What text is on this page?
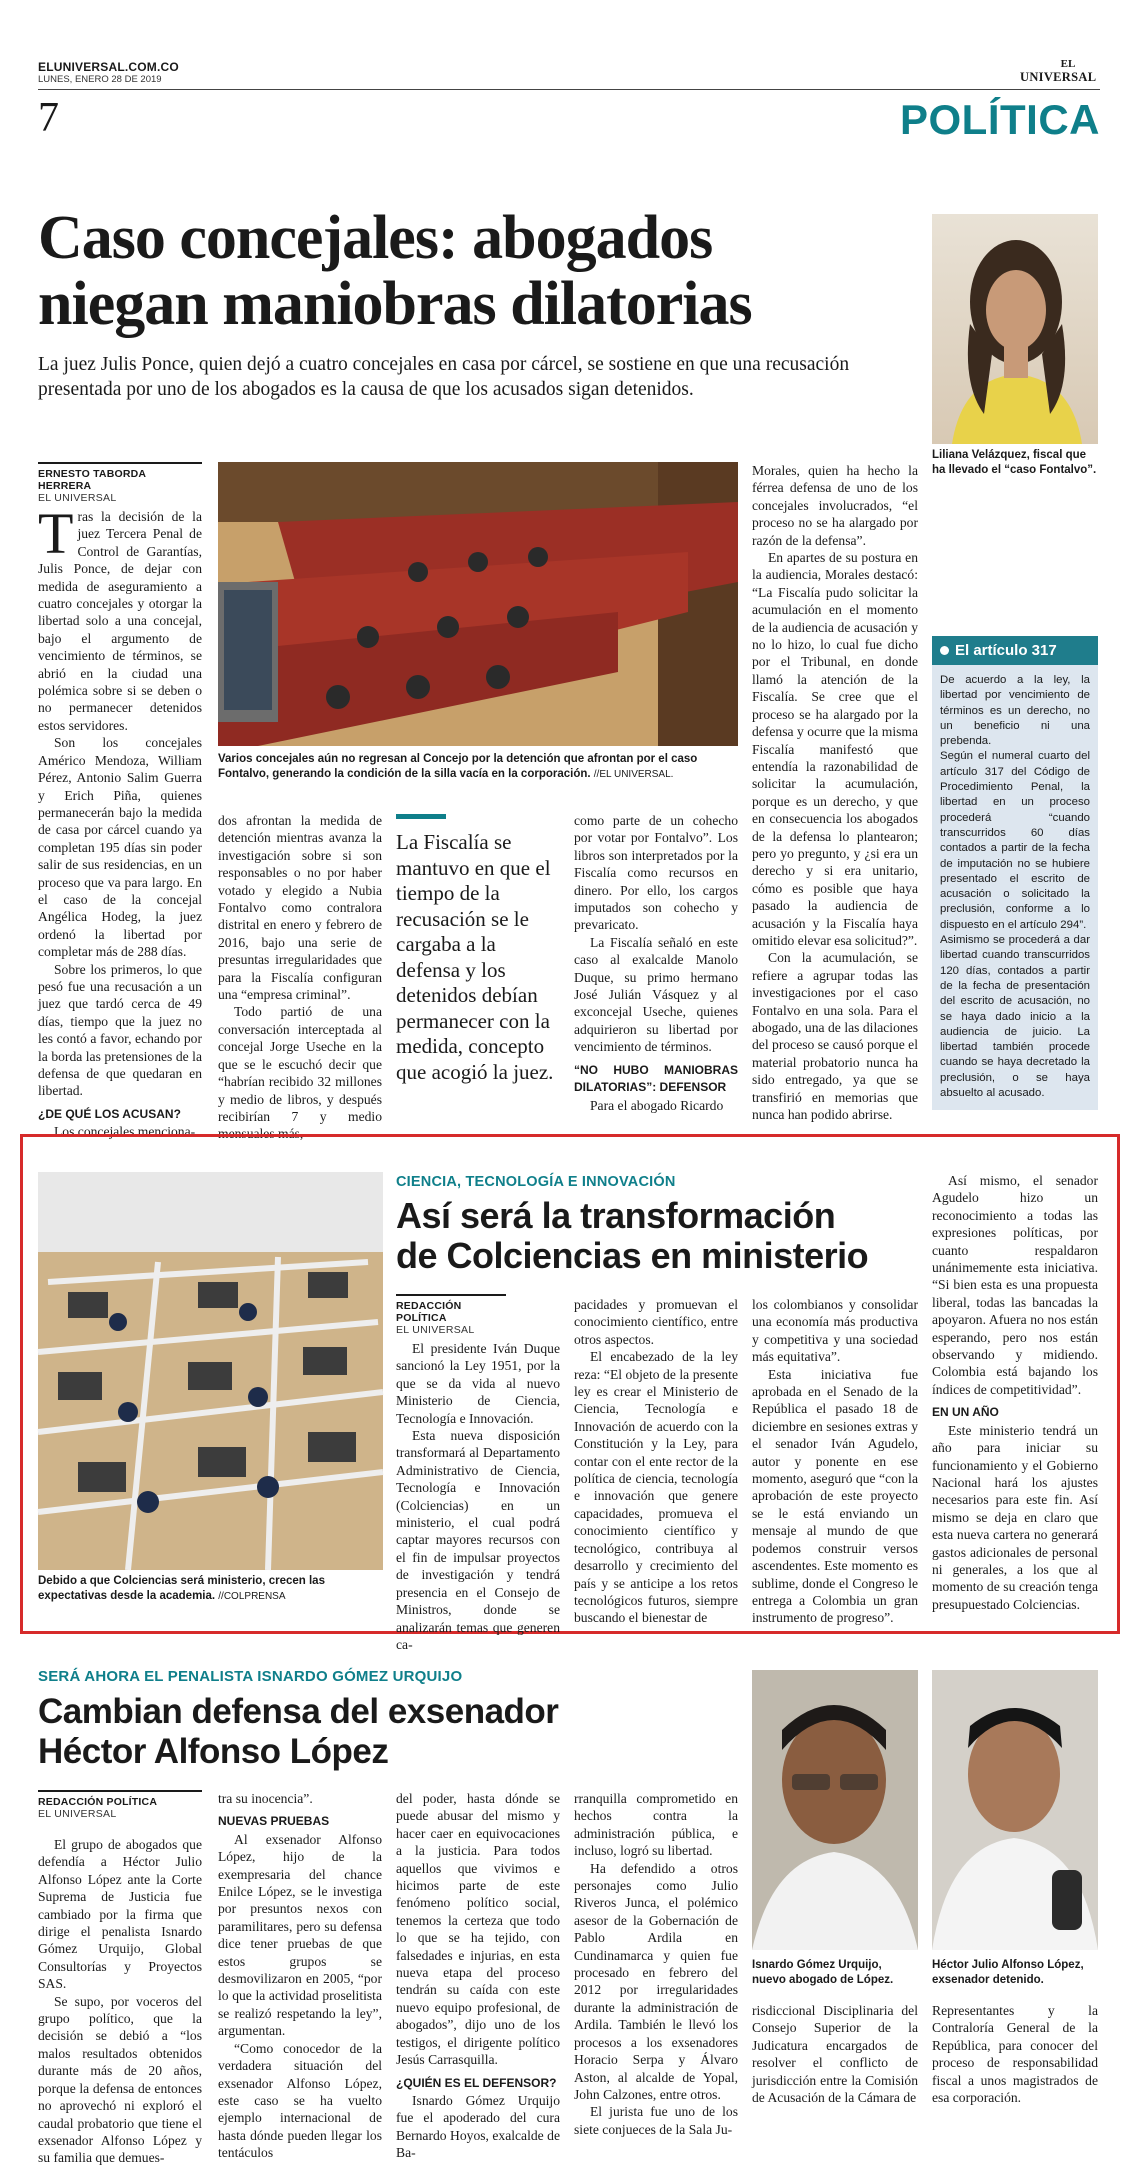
ELUNIVERSAL.COM.CO
LUNES, ENERO 28 DE 2019
EL
UNIVERSAL
7	POLÍTICA
Caso concejales: abogados
niegan maniobras dilatorias
La juez Julis Ponce, quien dejó a cuatro concejales en casa por cárcel, se sostiene en que una recusación presentada por uno de los abogados es la causa de que los acusados sigan detenidos.
Liliana Velázquez, fiscal que ha llevado el “caso Fontalvo”.
ERNESTO TABORDA HERRERA
EL UNIVERSAL

Tras la decisión de la juez Tercera Penal de Control de Garantías, Julis Ponce, de dejar con medida de aseguramiento a cuatro concejales y otorgar la libertad solo a una concejal, bajo el argumento de vencimiento de términos, se abrió en la ciudad una polémica sobre si se deben o no permanecer detenidos estos servidores.

Son los concejales Américo Mendoza, William Pérez, Antonio Salim Guerra y Erich Piña, quienes permanecerán bajo la medida de casa por cárcel cuando ya completan 195 días sin poder salir de sus residencias, en un proceso que va para largo. En el caso de la concejal Angélica Hodeg, la juez ordenó la libertad por completar más de 288 días.

Sobre los primeros, lo que pesó fue una recusación a un juez que tardó cerca de 49 días, tiempo que la juez no les contó a favor, echando por la borda las pretensiones de la defensa de que quedaran en libertad.

¿DE QUÉ LOS ACUSAN?

Los concejales menciona-

Varios concejales aún no regresan al Concejo por la detención que afrontan por el caso Fontalvo, generando la condición de la silla vacía en la corporación. //EL UNIVERSAL.

dos afrontan la medida de detención mientras avanza la investigación sobre si son responsables o no por haber votado y elegido a Nubia Fontalvo como contralora distrital en enero y febrero de 2016, bajo una serie de presuntas irregularidades que para la Fiscalía configuran una “empresa criminal”.

Todo partió de una conversación interceptada al concejal Jorge Useche en la que se le escuchó decir que “habrían recibido 32 millones y medio de libros, y después recibirían 7 y medio mensuales más,

La Fiscalía se mantuvo en que el tiempo de la recusación se le cargaba a la defensa y los detenidos debían permanecer con la medida, concepto que acogió la juez.

como parte de un cohecho por votar por Fontalvo”. Los libros son interpretados por la Fiscalía como recursos en dinero. Por ello, los cargos imputados son cohecho y prevaricato.

La Fiscalía señaló en este caso al exalcalde Manolo Duque, su primo hermano José Julián Vásquez y al exconcejal Useche, quienes adquirieron su libertad por vencimiento de términos.

“NO HUBO MANIOBRAS DILATORIAS”: DEFENSOR

Para el abogado Ricardo

Morales, quien ha hecho la férrea defensa de uno de los concejales involucrados, “el proceso no se ha alargado por razón de la defensa”.

En apartes de su postura en la audiencia, Morales destacó: “La Fiscalía pudo solicitar la acumulación en el momento de la audiencia de acusación y no lo hizo, lo cual fue dicho por el Tribunal, en donde llamó la atención de la Fiscalía. Se cree que el proceso se ha alargado por la defensa y ocurre que la misma Fiscalía manifestó que entendía la razonabilidad de solicitar la acumulación, porque es un derecho, y que en consecuencia los abogados de la defensa lo plantearon; pero yo pregunto, y ¿si era un derecho y si era unitario, cómo es posible que haya pasado la audiencia de acusación y la Fiscalía haya omitido elevar esa solicitud?”.

Con la acumulación, se refiere a agrupar todas las investigaciones por el caso Fontalvo en una sola. Para el abogado, una de las dilaciones del proceso se causó porque el material probatorio nunca ha sido entregado, ya que se transfirió en memorias que nunca han podido abrirse.

El artículo 317
De acuerdo a la ley, la libertad por vencimiento de términos es un derecho, no un beneficio ni una prebenda.
Según el numeral cuarto del artículo 317 del Código de Procedimiento Penal, la libertad en un proceso procederá “cuando transcurridos 60 días contados a partir de la fecha de imputación no se hubiere presentado el escrito de acusación o solicitado la preclusión, conforme a lo dispuesto en el artículo 294”.
Asimismo se procederá a dar libertad cuando transcurridos 120 días, contados a partir de la fecha de presentación del escrito de acusación, no se haya dado inicio a la audiencia de juicio. La libertad también procede cuando se haya decretado la preclusión, o se haya absuelto al acusado.
Debido a que Colciencias será ministerio, crecen las expectativas desde la academia. //COLPRENSA
CIENCIA, TECNOLOGÍA E INNOVACIÓN
Así será la transformación
de Colciencias en ministerio
REDACCIÓN POLÍTICA
EL UNIVERSAL

El presidente Iván Duque sancionó la Ley 1951, por la que se da vida al nuevo Ministerio de Ciencia, Tecnología e Innovación.

Esta nueva disposición transformará al Departamento Administrativo de Ciencia, Tecnología e Innovación (Colciencias) en un ministerio, el cual podrá captar mayores recursos con el fin de impulsar proyectos de investigación y tendrá presencia en el Consejo de Ministros, donde se analizarán temas que generen ca-

pacidades y promuevan el conocimiento científico, entre otros aspectos.

El encabezado de la ley reza: “El objeto de la presente ley es crear el Ministerio de Ciencia, Tecnología e Innovación de acuerdo con la Constitución y la Ley, para contar con el ente rector de la política de ciencia, tecnología e innovación que genere capacidades, promueva el conocimiento científico y tecnológico, contribuya al desarrollo y crecimiento del país y se anticipe a los retos tecnológicos futuros, siempre buscando el bienestar de

los colombianos y consolidar una economía más productiva y competitiva y una sociedad más equitativa”.

Esta iniciativa fue aprobada en el Senado de la República el pasado 18 de diciembre en sesiones extras y el senador Iván Agudelo, autor y ponente en ese momento, aseguró que “con la aprobación de este proyecto se le está enviando un mensaje al mundo de que podemos construir versos ascendentes. Este momento es sublime, donde el Congreso le entrega a Colombia un gran instrumento de progreso”.

Así mismo, el senador Agudelo hizo un reconocimiento a todas las expresiones políticas, por cuanto respaldaron unánimemente esta iniciativa. “Si bien esta es una propuesta liberal, todas las bancadas la apoyaron. Afuera no nos están esperando, pero nos están observando y midiendo. Colombia está bajando los índices de competitividad”.

EN UN AÑO

Este ministerio tendrá un año para iniciar su funcionamiento y el Gobierno Nacional hará los ajustes necesarios para este fin. Así mismo se deja en claro que esta nueva cartera no generará gastos adicionales de personal ni generales, a los que al momento de su creación tenga presupuestado Colciencias.

SERÁ AHORA EL PENALISTA ISNARDO GÓMEZ URQUIJO
Cambian defensa del exsenador
Héctor Alfonso López
Isnardo Gómez Urquijo, nuevo abogado de López.
Héctor Julio Alfonso López, exsenador detenido.
REDACCIÓN POLÍTICA
EL UNIVERSAL

El grupo de abogados que defendía a Héctor Julio Alfonso López ante la Corte Suprema de Justicia fue cambiado por la firma que dirige el penalista Isnardo Gómez Urquijo, Global Consultorías y Proyectos SAS.

Se supo, por voceros del grupo político, que la decisión se debió a “los malos resultados obtenidos durante más de 20 años, porque la defensa de entonces no aprovechó ni exploró el caudal probatorio que tiene el exsenador Alfonso López y su familia que demues-

tra su inocencia”.

NUEVAS PRUEBAS

Al exsenador Alfonso López, hijo de la exempresaria del chance Enilce López, se le investiga por presuntos nexos con paramilitares, pero su defensa dice tener pruebas de que estos grupos se desmovilizaron en 2005, “por lo que la actividad proselitista se realizó respetando la ley”, argumentan.

“Como conocedor de la verdadera situación del exsenador Alfonso López, este caso se ha vuelto ejemplo internacional de hasta dónde pueden llegar los tentáculos

del poder, hasta dónde se puede abusar del mismo y hacer caer en equivocaciones a la justicia. Para todos aquellos que vivimos e hicimos parte de este fenómeno político social, tenemos la certeza que todo lo que se ha tejido, con falsedades e injurias, en esta nueva etapa del proceso tendrán su caída con este nuevo equipo profesional, de abogados”, dijo uno de los testigos, el dirigente político Jesús Carrasquilla.

¿QUIÉN ES EL DEFENSOR?

Isnardo Gómez Urquijo fue el apoderado del cura Bernardo Hoyos, exalcalde de Ba-

rranquilla comprometido en hechos contra la administración pública, e incluso, logró su libertad.

Ha defendido a otros personajes como Julio Riveros Junca, el polémico asesor de la Gobernación de Pablo Ardila en Cundinamarca y quien fue procesado en febrero del 2012 por irregularidades durante la administración de Ardila. También le llevó los procesos a los exsenadores Horacio Serpa y Álvaro Aston, al alcalde de Yopal, John Calzones, entre otros.

El jurista fue uno de los siete conjueces de la Sala Ju-

risdiccional Disciplinaria del Consejo Superior de la Judicatura encargados de resolver el conflicto de jurisdicción entre la Comisión de Acusación de la Cámara de

Representantes y la Contraloría General de la República, para conocer del proceso de responsabilidad fiscal a unos magistrados de esa corporación.
